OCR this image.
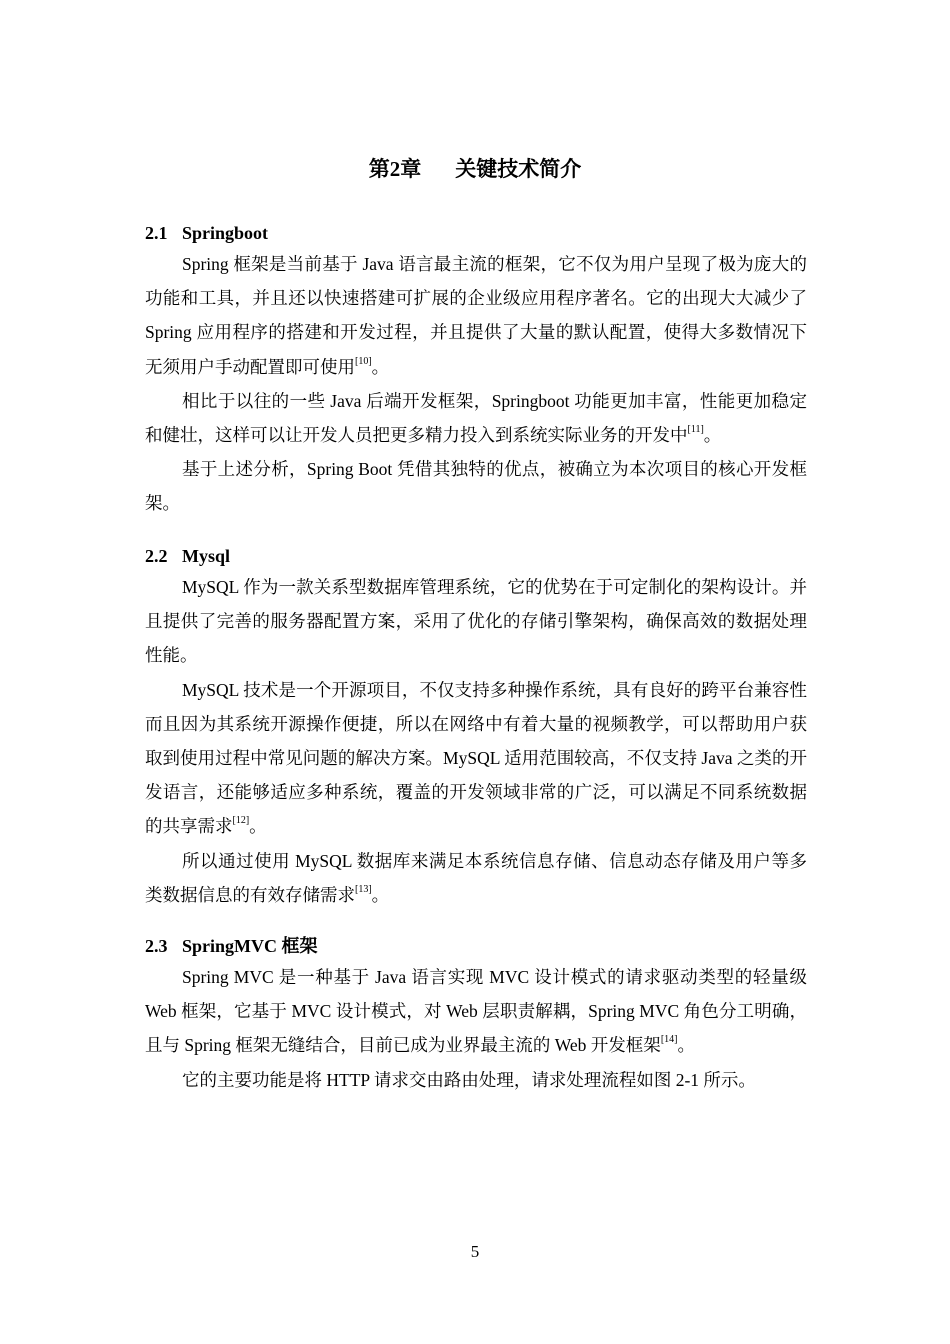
第2章 关键技术简介
2.1 Springboot

Spring 框架是当前基于 Java 语言最主流的框架，它不仅为用户呈现了极为庞大的功能和工具，并且还以快速搭建可扩展的企业级应用程序著名。它的出现大大减少了 Spring 应用程序的搭建和开发过程，并且提供了大量的默认配置，使得大多数情况下无须用户手动配置即可使用[10]。

相比于以往的一些 Java 后端开发框架，Springboot 功能更加丰富，性能更加稳定和健壮，这样可以让开发人员把更多精力投入到系统实际业务的开发中[11]。

基于上述分析，Spring Boot 凭借其独特的优点，被确立为本次项目的核心开发框架。

2.2 Mysql

MySQL 作为一款关系型数据库管理系统，它的优势在于可定制化的架构设计。并且提供了完善的服务器配置方案，采用了优化的存储引擎架构，确保高效的数据处理性能。

MySQL 技术是一个开源项目，不仅支持多种操作系统，具有良好的跨平台兼容性而且因为其系统开源操作便捷，所以在网络中有着大量的视频教学，可以帮助用户获取到使用过程中常见问题的解决方案。MySQL 适用范围较高，不仅支持 Java 之类的开发语言，还能够适应多种系统，覆盖的开发领域非常的广泛，可以满足不同系统数据的共享需求[12]。

所以通过使用 MySQL 数据库来满足本系统信息存储、信息动态存储及用户等多类数据信息的有效存储需求[13]。

2.3 SpringMVC 框架

Spring MVC 是一种基于 Java 语言实现 MVC 设计模式的请求驱动类型的轻量级 Web 框架，它基于 MVC 设计模式，对 Web 层职责解耦，Spring MVC 角色分工明确，且与 Spring 框架无缝结合，目前已成为业界最主流的 Web 开发框架[14]。

它的主要功能是将 HTTP 请求交由路由处理，请求处理流程如图 2-1 所示。

5
